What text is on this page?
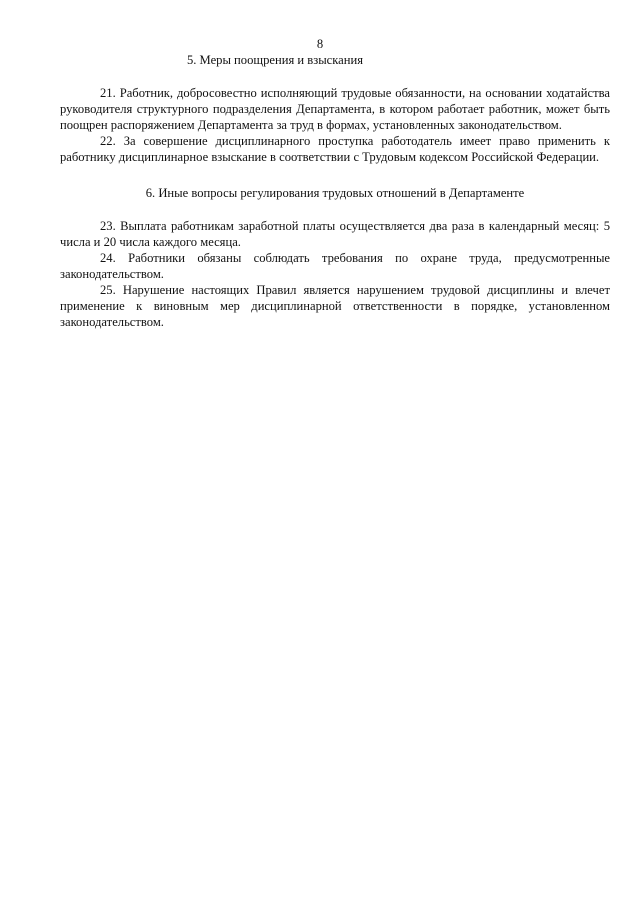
8

5. Меры поощрения и взыскания

21. Работник, добросовестно исполняющий трудовые обязанности, на основании ходатайства руководителя структурного подразделения Департамента, в котором работает работник, может быть поощрен распоряжением Департамента за труд в формах, установленных законодательством.

22. За совершение дисциплинарного проступка работодатель имеет право применить к работнику дисциплинарное взыскание в соответствии с Трудовым кодексом Российской Федерации.

6. Иные вопросы регулирования трудовых отношений в Департаменте

23. Выплата работникам заработной платы осуществляется два раза в календарный месяц: 5 числа и 20 числа каждого месяца.

24. Работники обязаны соблюдать требования по охране труда, предусмотренные законодательством.

25. Нарушение настоящих Правил является нарушением трудовой дисциплины и влечет применение к виновным мер дисциплинарной ответственности в порядке, установленном законодательством.
